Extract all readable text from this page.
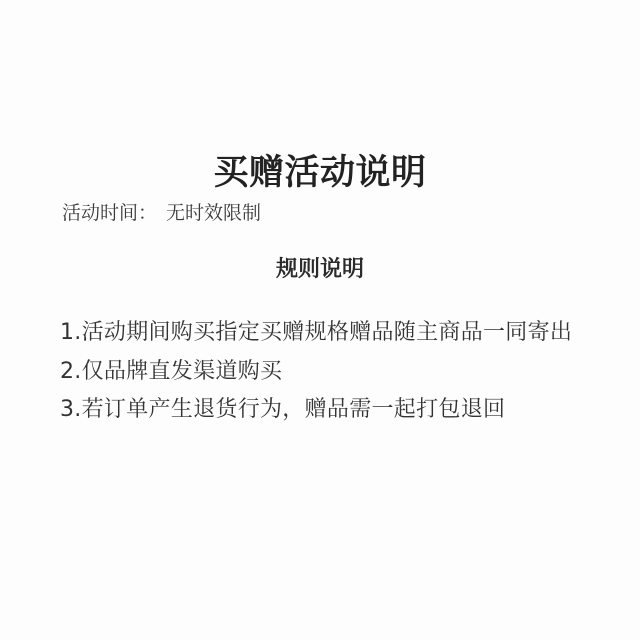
买赠活动说明
活动时间： 无时效限制
规则说明
1.活动期间购买指定买赠规格赠品随主商品一同寄出
2.仅品牌直发渠道购买
3.若订单产生退货行为，赠品需一起打包退回
